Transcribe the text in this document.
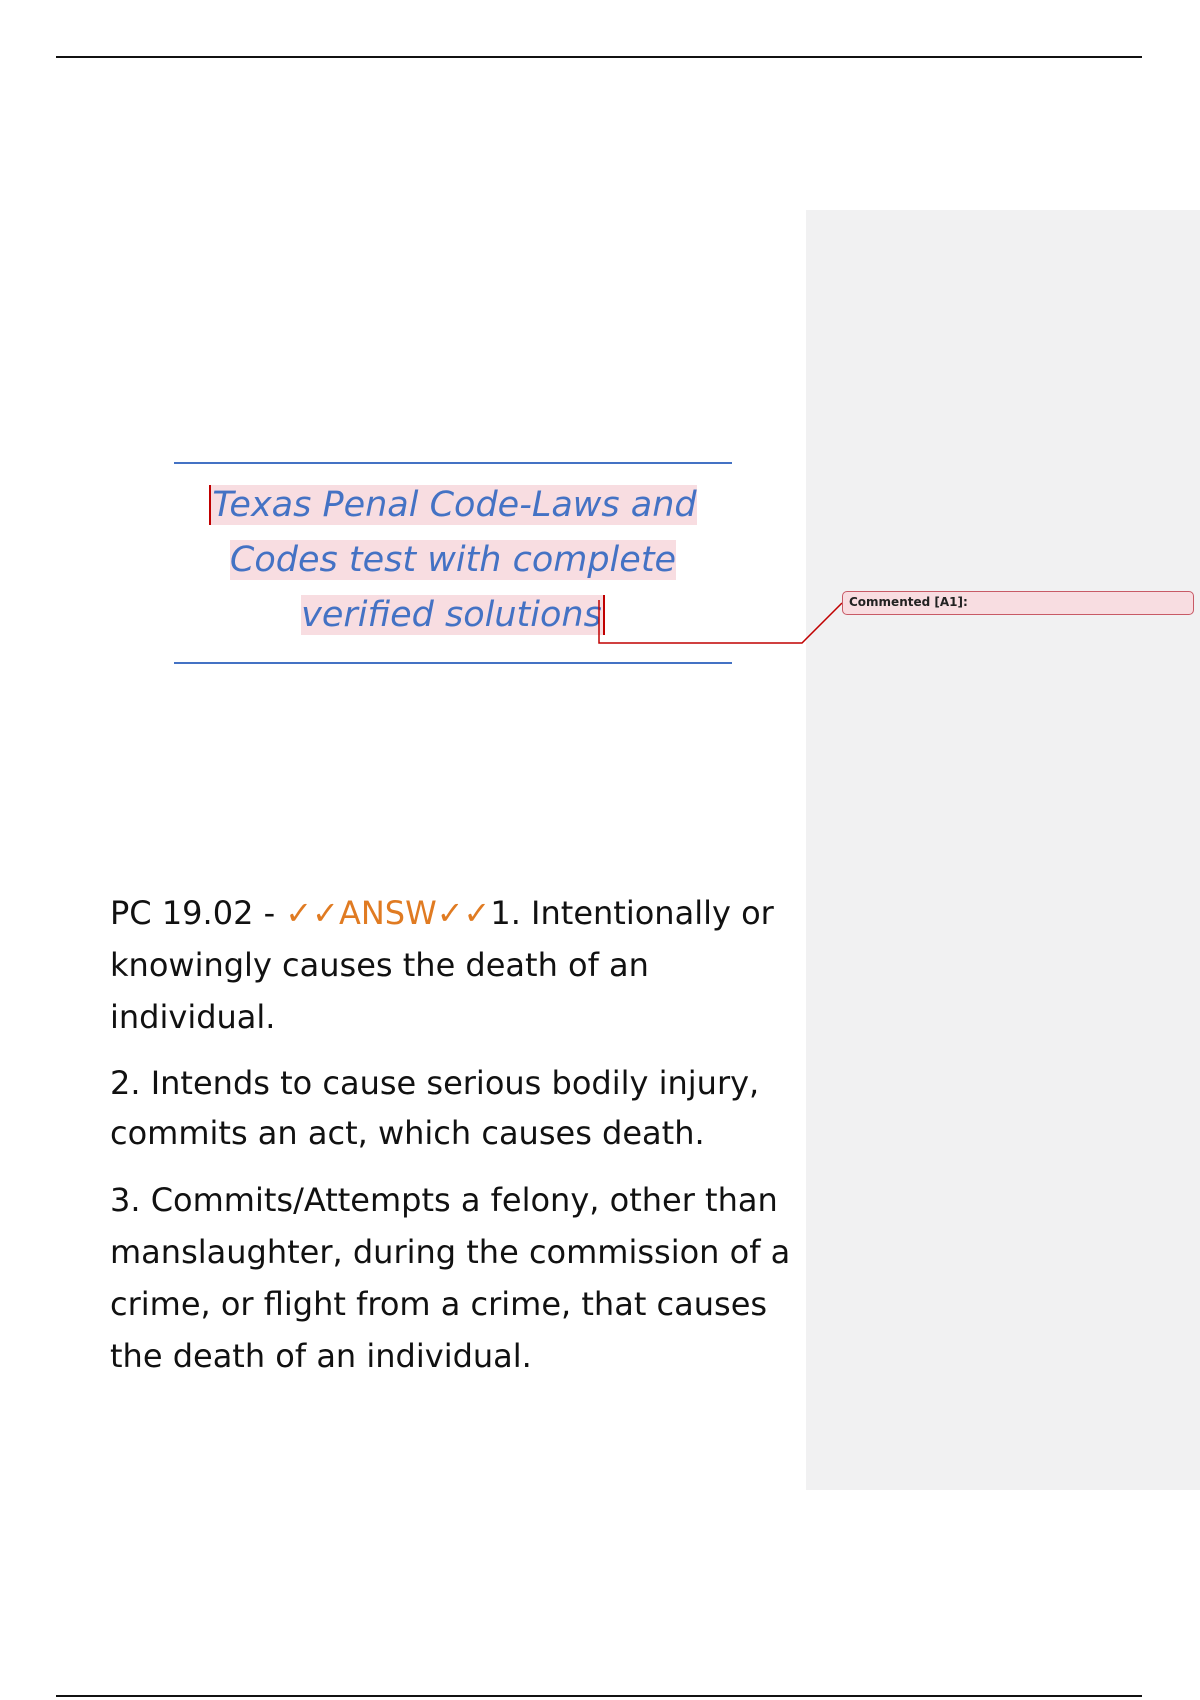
Texas Penal Code-Laws and
Codes test with complete
verified solutions	Commented [A1]:
PC 19.02 - ✓✓ANSW✓✓1. Intentionally or
knowingly causes the death of an
individual.
2. Intends to cause serious bodily injury,
commits an act, which causes death.
3. Commits/Attempts a felony, other than
manslaughter, during the commission of a
crime, or flight from a crime, that causes
the death of an individual.
